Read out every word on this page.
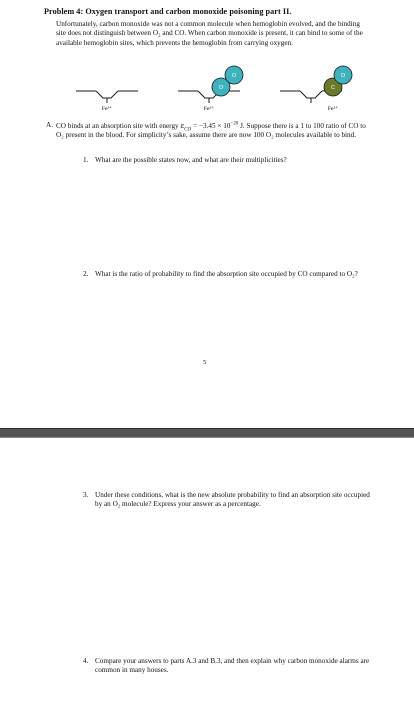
Problem 4: Oxygen transport and carbon monoxide poisoning part II.

Unfortunately, carbon monoxide was not a common molecule when hemoglobin evolved, and the binding site does not distinguish between O₂ and CO. When carbon monoxide is present, it can bind to some of the available hemoglobin sites, which prevents the hemoglobin from carrying oxygen.

Fe²⁺
O
O
Fe²⁺
C
O
Fe²⁺

A. CO binds at an absorption site with energy $\varepsilon_{CO} = -3.45 \times 10^{-20}$ J. Suppose there is a 1 to 100 ratio of CO to O₂ present in the blood. For simplicity’s sake, assume there are now 100 O₂ molecules available to bind.

1. What are the possible states now, and what are their multiplicities?

2. What is the ratio of probability to find the absorption site occupied by CO compared to O₂?

5

3. Under these conditions, what is the new absolute probability to find an absorption site occupied by an O₂ molecule? Express your answer as a percentage.

4. Compare your answers to parts A.3 and B.3, and then explain why carbon monoxide alarms are common in many houses.
